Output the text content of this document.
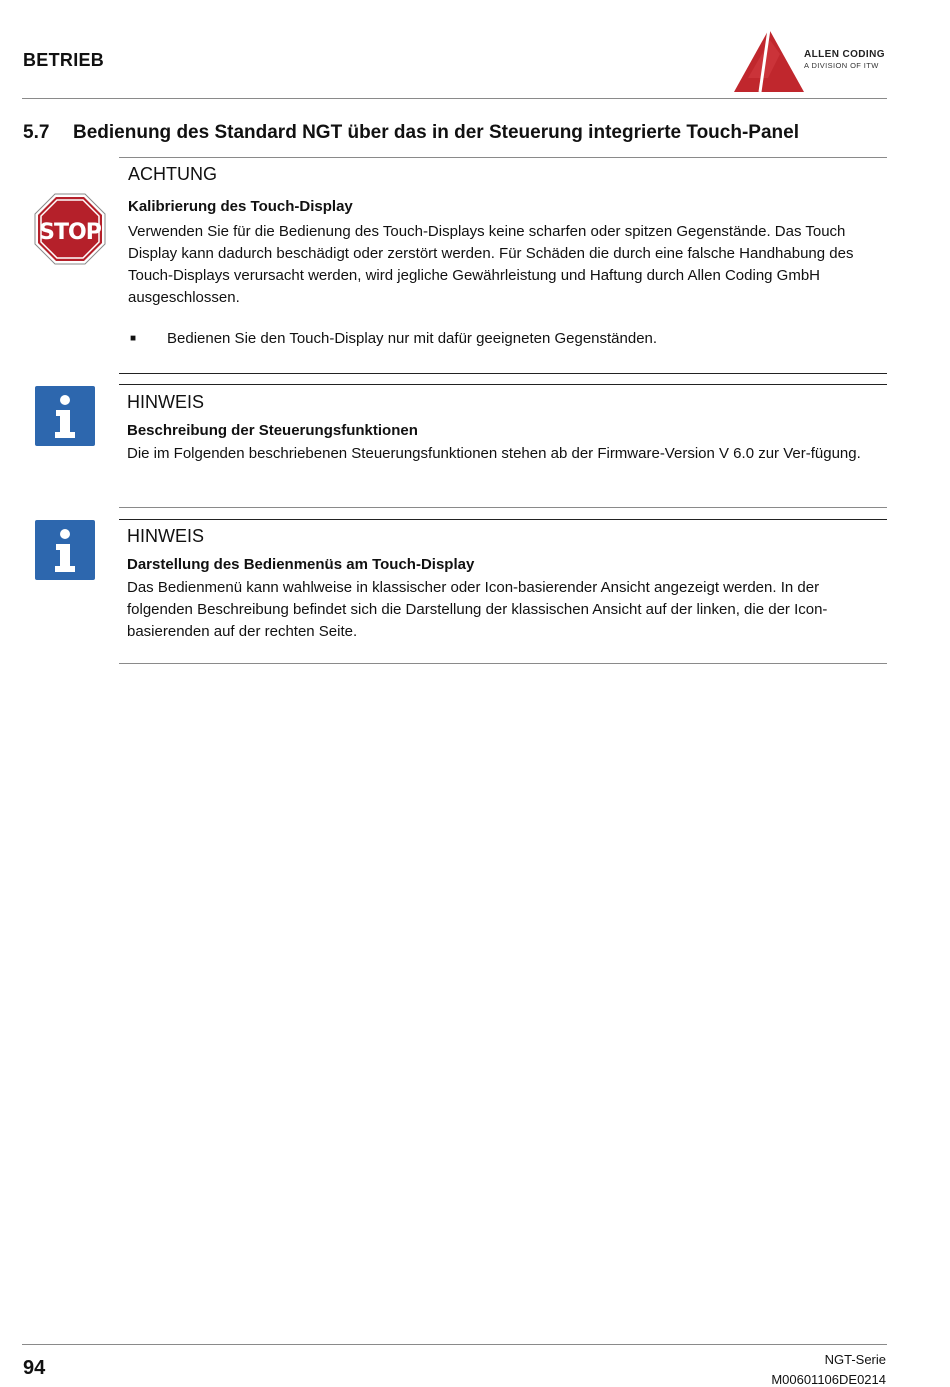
BETRIEB	ALLEN CODING
A DIVISION OF ITW
5.7 Bedienung des Standard NGT über das in der Steuerung integrierte Touch-Panel
STOP
ACHTUNG
Kalibrierung des Touch-Display
Verwenden Sie für die Bedienung des Touch-Displays keine scharfen oder spitzen Gegenstände. Das Touch Display kann dadurch beschädigt oder zerstört werden. Für Schäden die durch eine falsche Handhabung des Touch-Displays verursacht werden, wird jegliche Gewährleistung und Haftung durch Allen Coding GmbH ausgeschlossen.
■ Bedienen Sie den Touch-Display nur mit dafür geeigneten Gegenständen.
HINWEIS
Beschreibung der Steuerungsfunktionen
Die im Folgenden beschriebenen Steuerungsfunktionen stehen ab der Firmware-Version V 6.0 zur Ver-fügung.
HINWEIS
Darstellung des Bedienmenüs am Touch-Display
Das Bedienmenü kann wahlweise in klassischer oder Icon-basierender Ansicht angezeigt werden. In der folgenden Beschreibung befindet sich die Darstellung der klassischen Ansicht auf der linken, die der Icon-basierenden auf der rechten Seite.
94	NGT-Serie
M00601106DE0214
